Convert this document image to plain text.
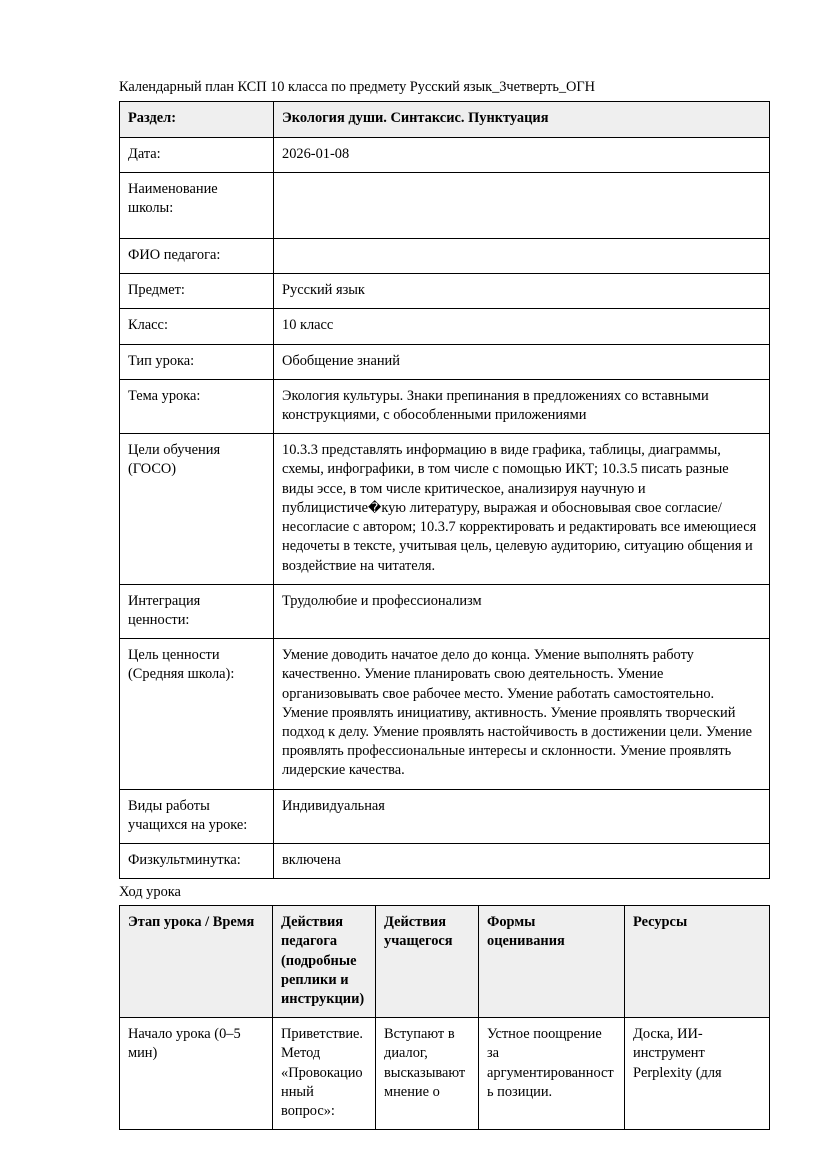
Календарный план КСП 10 класса по предмету Русский язык_3четверть_ОГН
Раздел:	Экология души. Синтаксис. Пунктуация
Дата:	2026-01-08
Наименование школы:	
ФИО педагога:	
Предмет:	Русский язык
Класс:	10 класс
Тип урока:	Обобщение знаний
Тема урока:	Экология культуры. Знаки препинания в предложениях со вставными конструкциями, с обособленными приложениями
Цели обучения (ГОСО)	10.3.3 представлять информацию в виде графика, таблицы, диаграммы, схемы, инфографики, в том числе с помощью ИКТ; 10.3.5 писать разные виды эссе, в том числе критическое, анализируя научную и публицистиче�кую литературу, выражая и обосновывая свое согласие/несогласие с автором; 10.3.7 корректировать и редактировать все имеющиеся недочеты в тексте, учитывая цель, целевую аудиторию, ситуацию общения и воздействие на читателя.
Интеграция ценности:	Трудолюбие и профессионализм
Цель ценности (Средняя школа):	Умение доводить начатое дело до конца. Умение выполнять работу качественно. Умение планировать свою деятельность. Умение организовывать свое рабочее место. Умение работать самостоятельно. Умение проявлять инициативу, активность. Умение проявлять творческий подход к делу. Умение проявлять настойчивость в достижении цели. Умение проявлять профессиональные интересы и склонности. Умение проявлять лидерские качества.
Виды работы учащихся на уроке:	Индивидуальная
Физкультминутка:	включена
Ход урока
Этап урока / Время	Действия педагога (подробные реплики и инструкции)	Действия учащегося	Формы оценивания	Ресурсы
Начало урока (0–5 мин)	Приветствие. Метод «Провокационный вопрос»:	Вступают в диалог, высказывают мнение о	Устное поощрение за аргументированность позиции.	Доска, ИИ-инструмент Perplexity (для
